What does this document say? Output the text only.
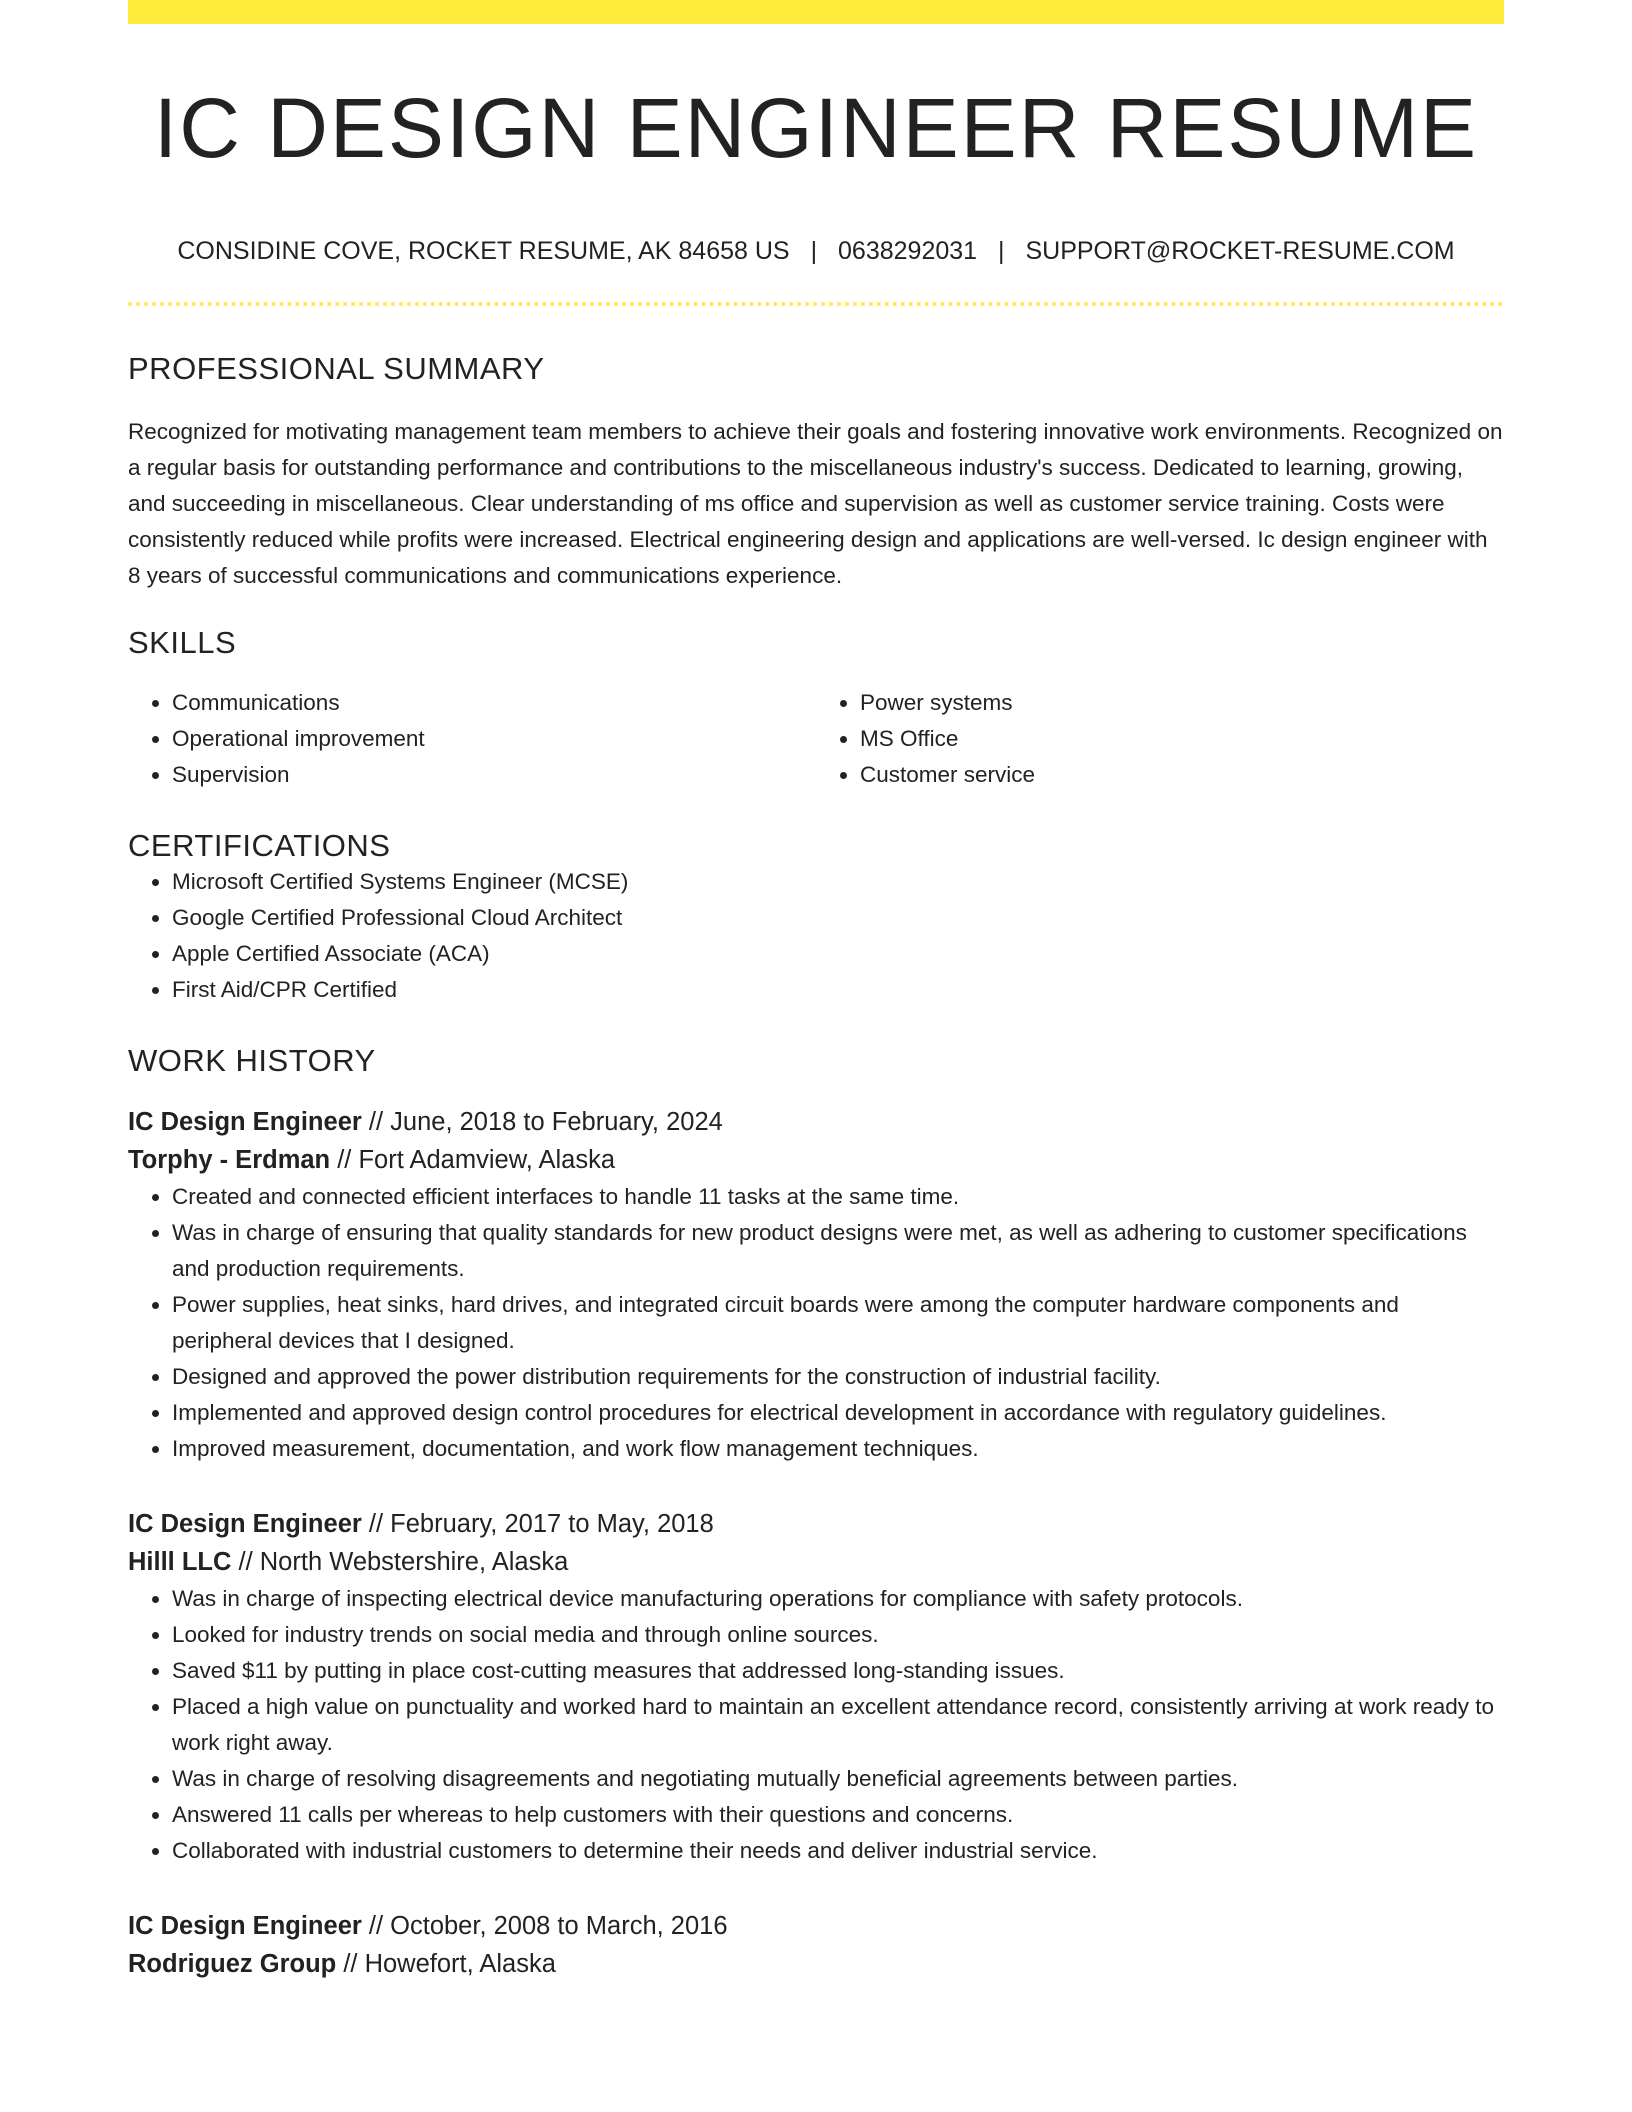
IC DESIGN ENGINEER RESUME
CONSIDINE COVE, ROCKET RESUME, AK 84658 US | 0638292031 | SUPPORT@ROCKET-RESUME.COM
PROFESSIONAL SUMMARY

Recognized for motivating management team members to achieve their goals and fostering innovative work environments. Recognized on a regular basis for outstanding performance and contributions to the miscellaneous industry's success. Dedicated to learning, growing, and succeeding in miscellaneous. Clear understanding of ms office and supervision as well as customer service training. Costs were consistently reduced while profits were increased. Electrical engineering design and applications are well-versed. Ic design engineer with 8 years of successful communications and communications experience.

SKILLS
• Communications
• Operational improvement
• Supervision
• Power systems
• MS Office
• Customer service
CERTIFICATIONS
• Microsoft Certified Systems Engineer (MCSE)
• Google Certified Professional Cloud Architect
• Apple Certified Associate (ACA)
• First Aid/CPR Certified
WORK HISTORY
IC Design Engineer // June, 2018 to February, 2024
Torphy - Erdman // Fort Adamview, Alaska
• Created and connected efficient interfaces to handle 11 tasks at the same time.
• Was in charge of ensuring that quality standards for new product designs were met, as well as adhering to customer specifications and production requirements.
• Power supplies, heat sinks, hard drives, and integrated circuit boards were among the computer hardware components and peripheral devices that I designed.
• Designed and approved the power distribution requirements for the construction of industrial facility.
• Implemented and approved design control procedures for electrical development in accordance with regulatory guidelines.
• Improved measurement, documentation, and work flow management techniques.
IC Design Engineer // February, 2017 to May, 2018
Hilll LLC // North Webstershire, Alaska
• Was in charge of inspecting electrical device manufacturing operations for compliance with safety protocols.
• Looked for industry trends on social media and through online sources.
• Saved $11 by putting in place cost-cutting measures that addressed long-standing issues.
• Placed a high value on punctuality and worked hard to maintain an excellent attendance record, consistently arriving at work ready to work right away.
• Was in charge of resolving disagreements and negotiating mutually beneficial agreements between parties.
• Answered 11 calls per whereas to help customers with their questions and concerns.
• Collaborated with industrial customers to determine their needs and deliver industrial service.
IC Design Engineer // October, 2008 to March, 2016
Rodriguez Group // Howefort, Alaska
